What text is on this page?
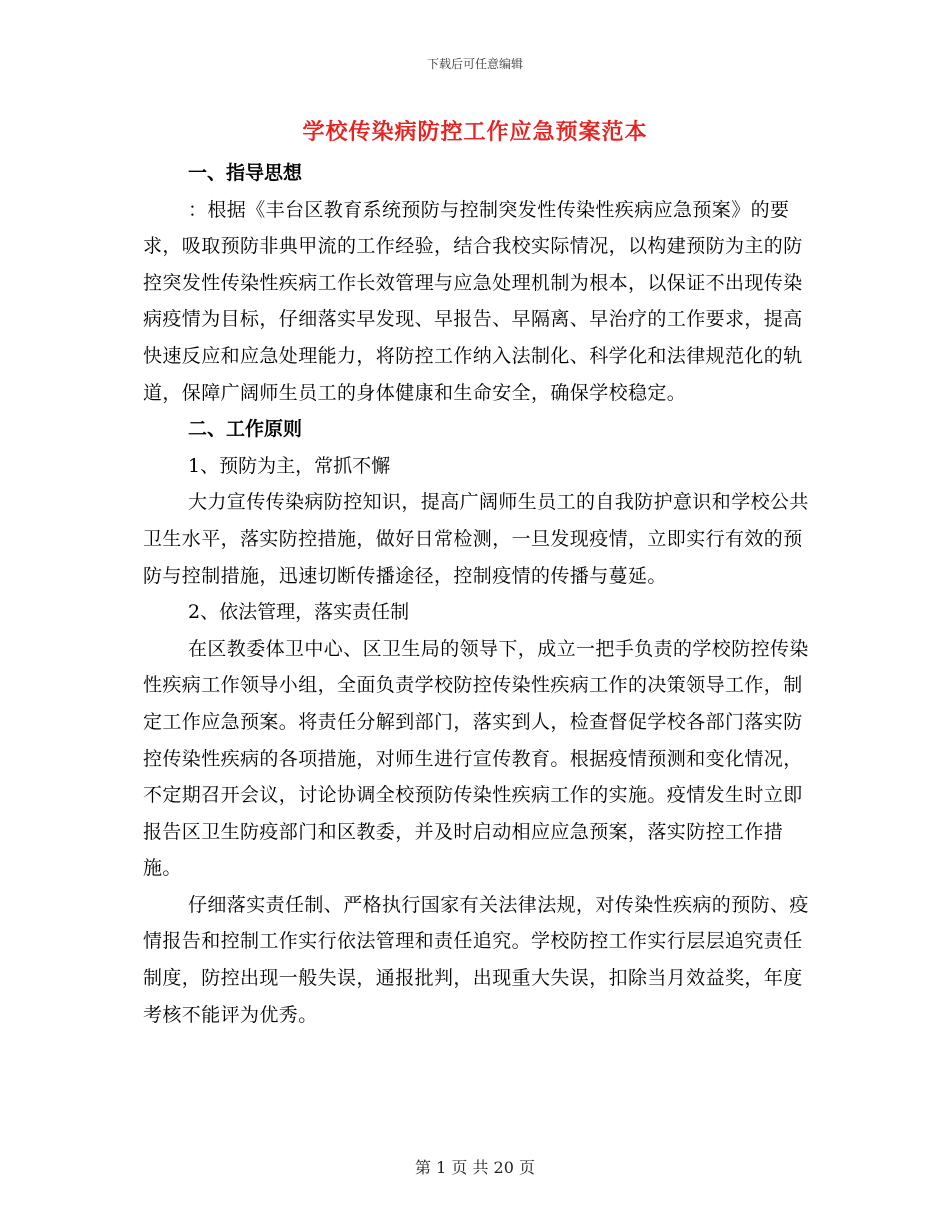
下载后可任意编辑
学校传染病防控工作应急预案范本

一、指导思想

：根据《丰台区教育系统预防与控制突发性传染性疾病应急预案》的要求，吸取预防非典甲流的工作经验，结合我校实际情况，以构建预防为主的防控突发性传染性疾病工作长效管理与应急处理机制为根本，以保证不出现传染病疫情为目标，仔细落实早发现、早报告、早隔离、早治疗的工作要求，提高快速反应和应急处理能力，将防控工作纳入法制化、科学化和法律规范化的轨道，保障广阔师生员工的身体健康和生命安全，确保学校稳定。

二、工作原则

1、预防为主，常抓不懈

大力宣传传染病防控知识，提高广阔师生员工的自我防护意识和学校公共卫生水平，落实防控措施，做好日常检测，一旦发现疫情，立即实行有效的预防与控制措施，迅速切断传播途径，控制疫情的传播与蔓延。

2、依法管理，落实责任制

在区教委体卫中心、区卫生局的领导下，成立一把手负责的学校防控传染性疾病工作领导小组，全面负责学校防控传染性疾病工作的决策领导工作，制定工作应急预案。将责任分解到部门，落实到人，检查督促学校各部门落实防控传染性疾病的各项措施，对师生进行宣传教育。根据疫情预测和变化情况，不定期召开会议，讨论协调全校预防传染性疾病工作的实施。疫情发生时立即报告区卫生防疫部门和区教委，并及时启动相应应急预案，落实防控工作措施。

仔细落实责任制、严格执行国家有关法律法规，对传染性疾病的预防、疫情报告和控制工作实行依法管理和责任追究。学校防控工作实行层层追究责任制度，防控出现一般失误，通报批判，出现重大失误，扣除当月效益奖，年度考核不能评为优秀。

第 1 页 共 20 页
